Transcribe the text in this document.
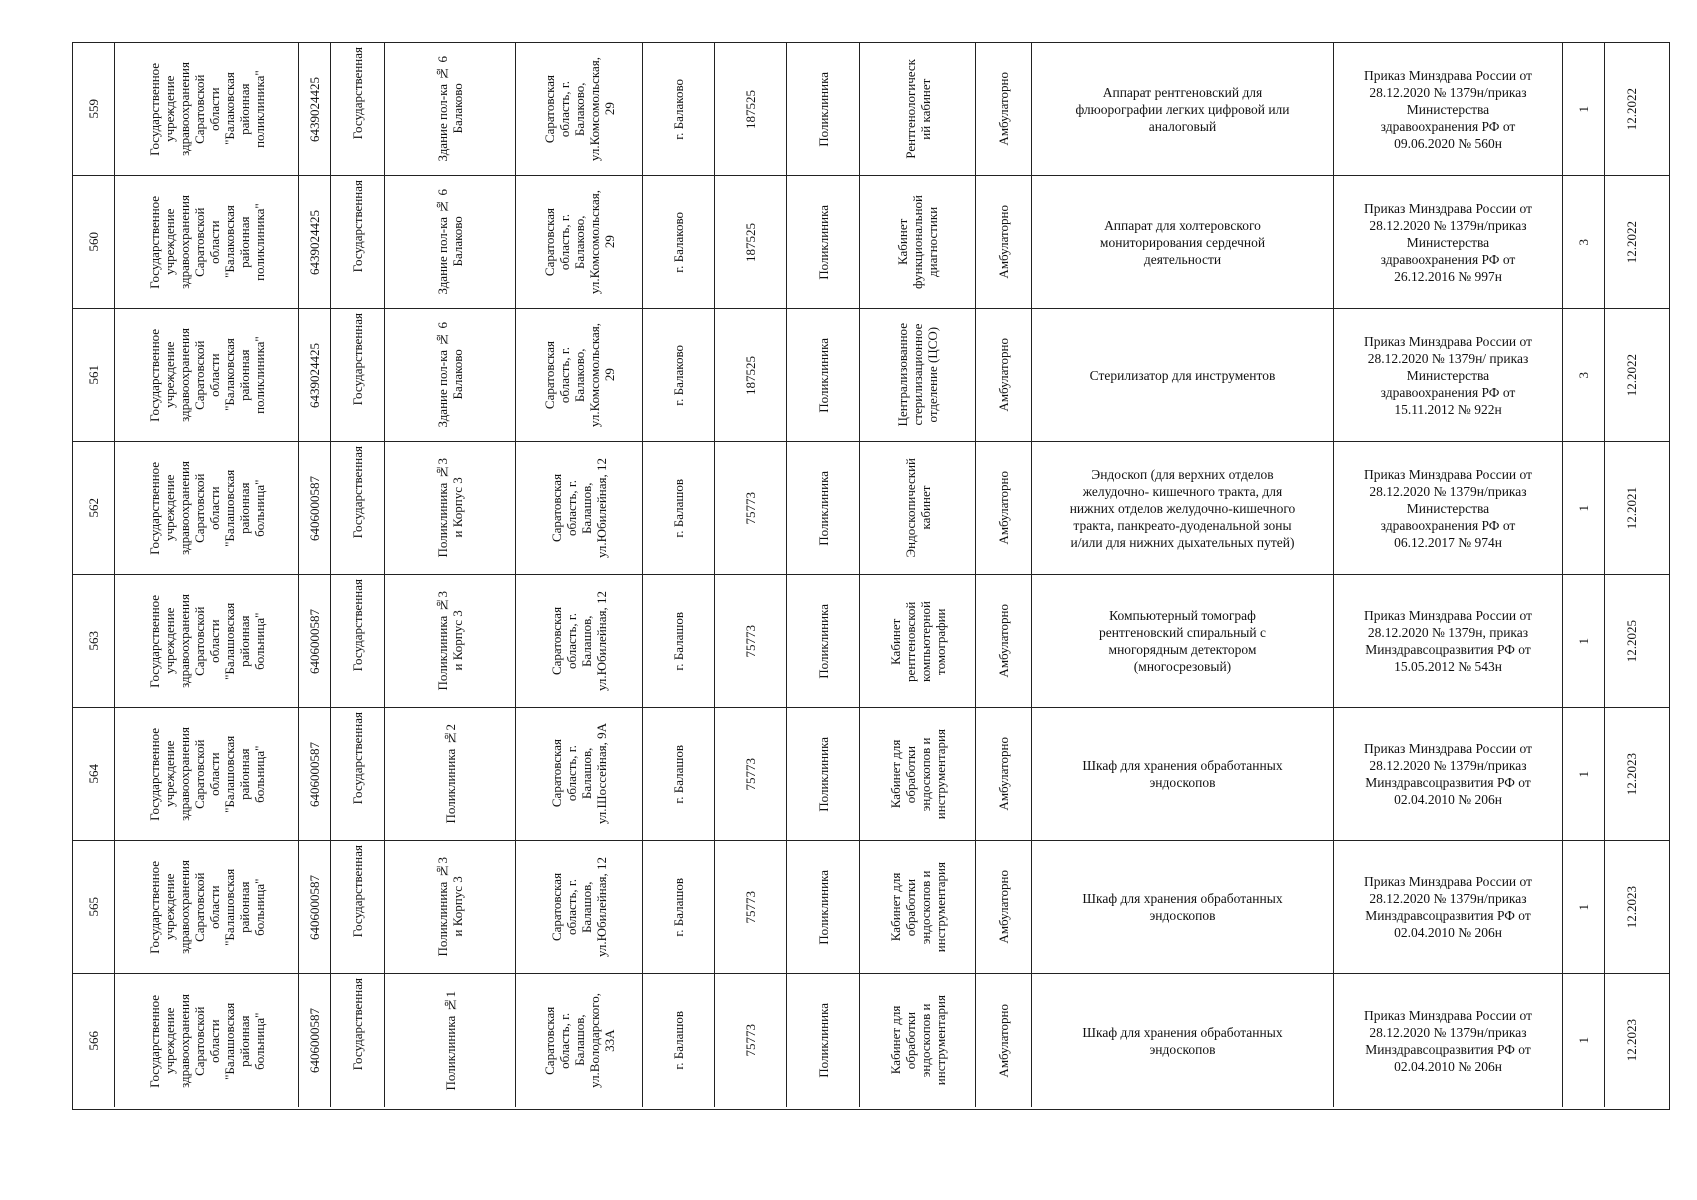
559	Государственное
учреждение
здравоохранения
Саратовской
области
"Балаковская
районная
поликлиника"	6439024425 Государственная
Здание пол-ка № 6
Балаково	Саратовская
область, г.
Балаково,
ул.Комсомольская,
29	г. Балаково	187525	Поликлиника	Рентгенологическ
ий кабинет	Амбулаторно	Аппарат рентгеновский для
флюорографии легких цифровой или
аналоговый
Приказ Минздрава России от
28.12.2020 № 1379н/приказ
Министерства
здравоохранения РФ от
09.06.2020 № 560н
1	12.2022
560	Государственное
учреждение
здравоохранения
Саратовской
области
"Балаковская
районная
поликлиника"	6439024425 Государственная
Здание пол-ка № 6
Балаково	Саратовская
область, г.
Балаково,
ул.Комсомольская,
29	г. Балаково	187525	Поликлиника	Кабинет
функциональной
диагностики	Амбулаторно	Аппарат для холтеровского
мониторирования сердечной
деятельности
Приказ Минздрава России от
28.12.2020 № 1379н/приказ
Министерства
здравоохранения РФ от
26.12.2016 № 997н
3	12.2022
561	Государственное
учреждение
здравоохранения
Саратовской
области
"Балаковская
районная
поликлиника"	6439024425 Государственная
Здание пол-ка № 6
Балаково	Саратовская
область, г.
Балаково,
ул.Комсомольская,
29	г. Балаково	187525	Поликлиника	Централизованное
стерилизационное
отделение (ЦСО)	Амбулаторно	Стерилизатор для инструментов
Приказ Минздрава России от
28.12.2020 № 1379н/ приказ
Министерства
здравоохранения РФ от
15.11.2012 № 922н
3	12.2022
562	Государственное
учреждение
здравоохранения
Саратовской
области
"Балашовская
районная
больница"	6406000587 Государственная	Поликлиника №3
и Корпус 3	Саратовская
область, г.
Балашов,
ул.Юбилейная, 12
г. Балашов	75773	Поликлиника	Эндоскопический
кабинет	Амбулаторно	Эндоскоп (для верхних отделов
желудочно- кишечного тракта, для
нижних отделов желудочно-кишечного
тракта, панкреато-дуоденальной зоны
и/или для нижних дыхательных путей)
Приказ Минздрава России от
28.12.2020 № 1379н/приказ
Министерства
здравоохранения РФ от
06.12.2017 № 974н
1	12.2021
563	Государственное
учреждение
здравоохранения
Саратовской
области
"Балашовская
районная
больница"	6406000587 Государственная	Поликлиника №3
и Корпус 3	Саратовская
область, г.
Балашов,
ул.Юбилейная, 12
г. Балашов	75773	Поликлиника	Кабинет
рентгеновской
компьютерной
томографии	Амбулаторно	Компьютерный томограф
рентгеновский спиральный с
многорядным детектором
(многосрезовый)
Приказ Минздрава России от
28.12.2020 № 1379н, приказ
Минздравсоцразвития РФ от
15.05.2012 № 543н
1	12.2025
564	Государственное
учреждение
здравоохранения
Саратовской
области
"Балашовская
районная
больница"	6406000587 Государственная	Поликлиника №2	Саратовская
область, г.
Балашов,
ул.Шоссейная, 9А
г. Балашов	75773	Поликлиника	Кабинет для
обработки
эндоскопов и
инструментария	Амбулаторно	Шкаф для хранения обработанных
эндоскопов
Приказ Минздрава России от
28.12.2020 № 1379н/приказ
Минздравсоцразвития РФ от
02.04.2010 № 206н
1	12.2023
565	Государственное
учреждение
здравоохранения
Саратовской
области
"Балашовская
районная
больница"	6406000587 Государственная	Поликлиника №3
и Корпус 3	Саратовская
область, г.
Балашов,
ул.Юбилейная, 12
г. Балашов	75773	Поликлиника	Кабинет для
обработки
эндоскопов и
инструментария	Амбулаторно	Шкаф для хранения обработанных
эндоскопов
Приказ Минздрава России от
28.12.2020 № 1379н/приказ
Минздравсоцразвития РФ от
02.04.2010 № 206н
1	12.2023
566	Государственное
учреждение
здравоохранения
Саратовской
области
"Балашовская
районная
больница"	6406000587 Государственная	Поликлиника №1	Саратовская
область, г.
Балашов,
ул.Володарского,
33А	г. Балашов	75773	Поликлиника	Кабинет для
обработки
эндоскопов и
инструментария	Амбулаторно	Шкаф для хранения обработанных
эндоскопов
Приказ Минздрава России от
28.12.2020 № 1379н/приказ
Минздравсоцразвития РФ от
02.04.2010 № 206н
1	12.2023
